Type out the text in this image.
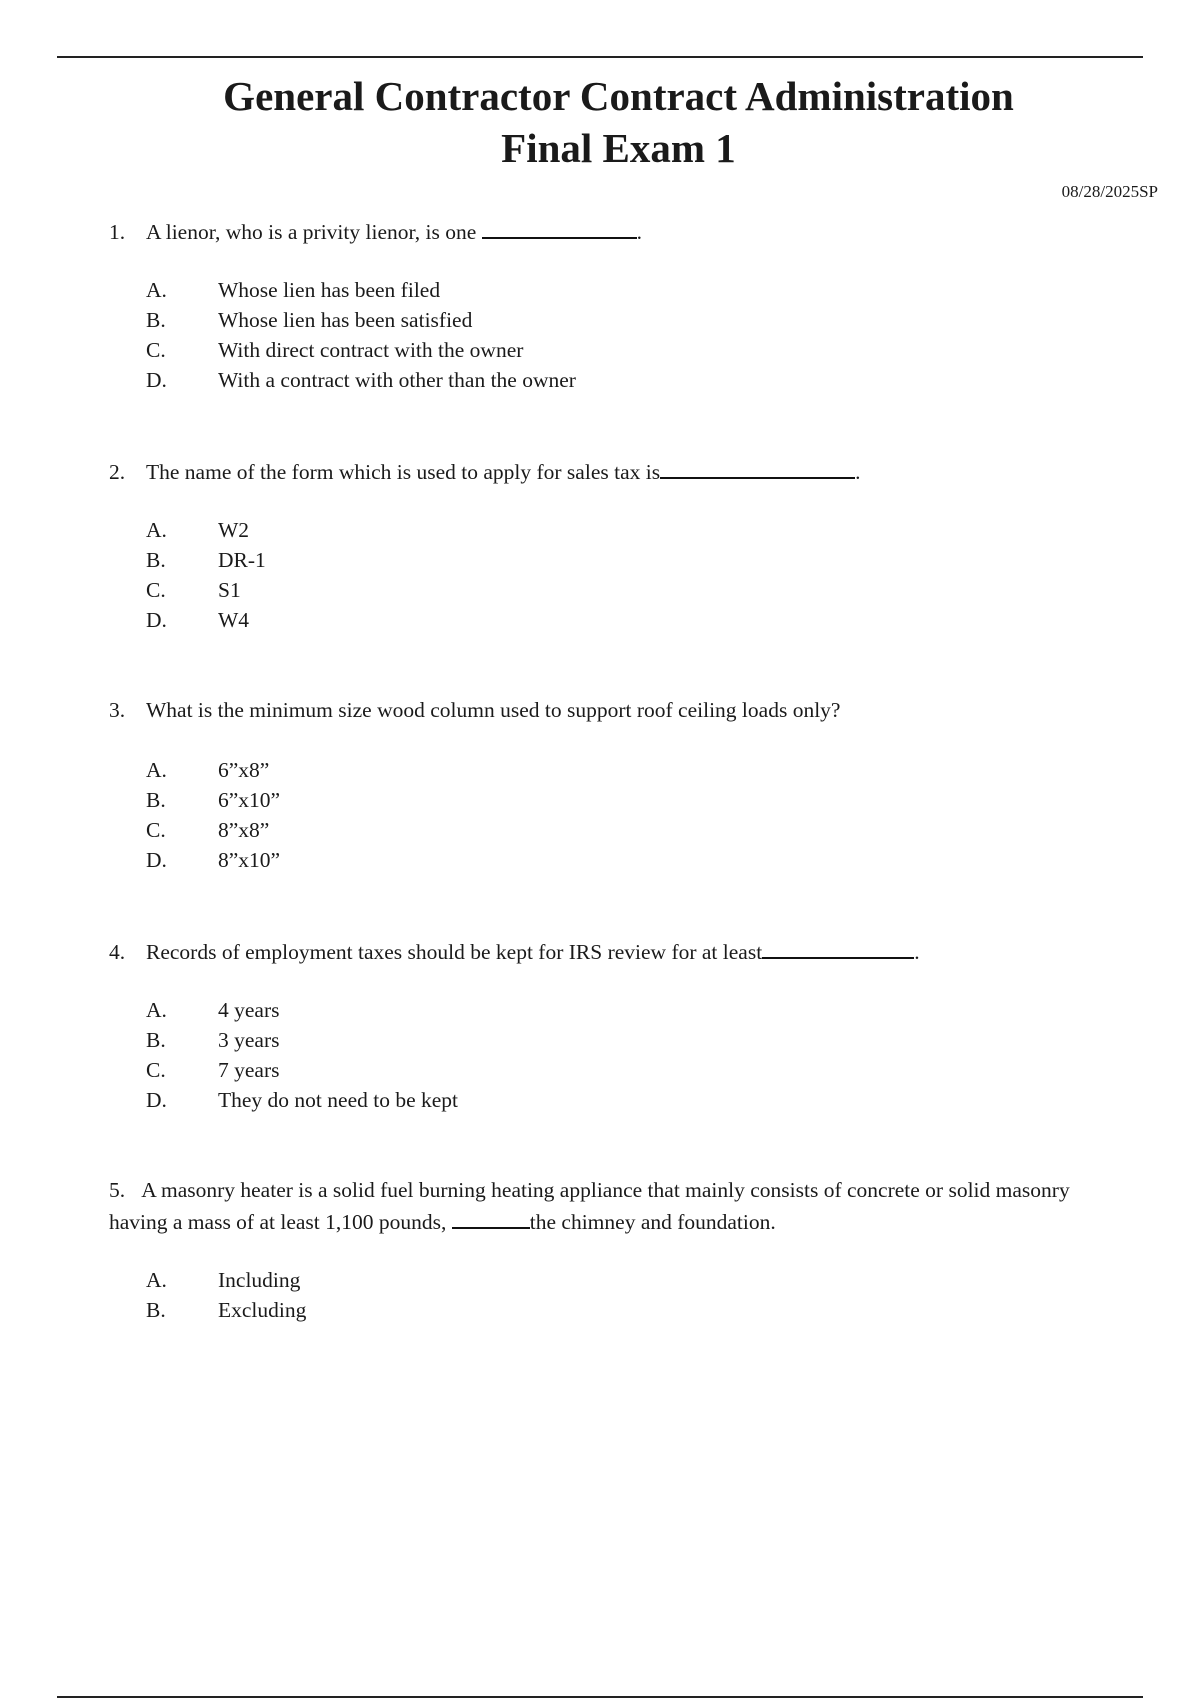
General Contractor Contract Administration
Final Exam 1
08/28/2025SP
1. A lienor, who is a privity lienor, is one	.
A. Whose lien has been filed
B. Whose lien has been satisfied
C. With direct contract with the owner
D. With a contract with other than the owner
2. The name of the form which is used to apply for sales tax is	.
A. W2
B. DR-1
C. S1
D. W4
3. What is the minimum size wood column used to support roof ceiling loads only?
A. 6”x8”
B. 6”x10”
C. 8”x8”
D. 8”x10”
4. Records of employment taxes should be kept for IRS review for at least	.
A. 4 years
B. 3 years
C. 7 years
D. They do not need to be kept
5. A masonry heater is a solid fuel burning heating appliance that mainly consists of concrete or solid masonry having a mass of at least 1,100 pounds,	the chimney and foundation.
A. Including
B. Excluding
